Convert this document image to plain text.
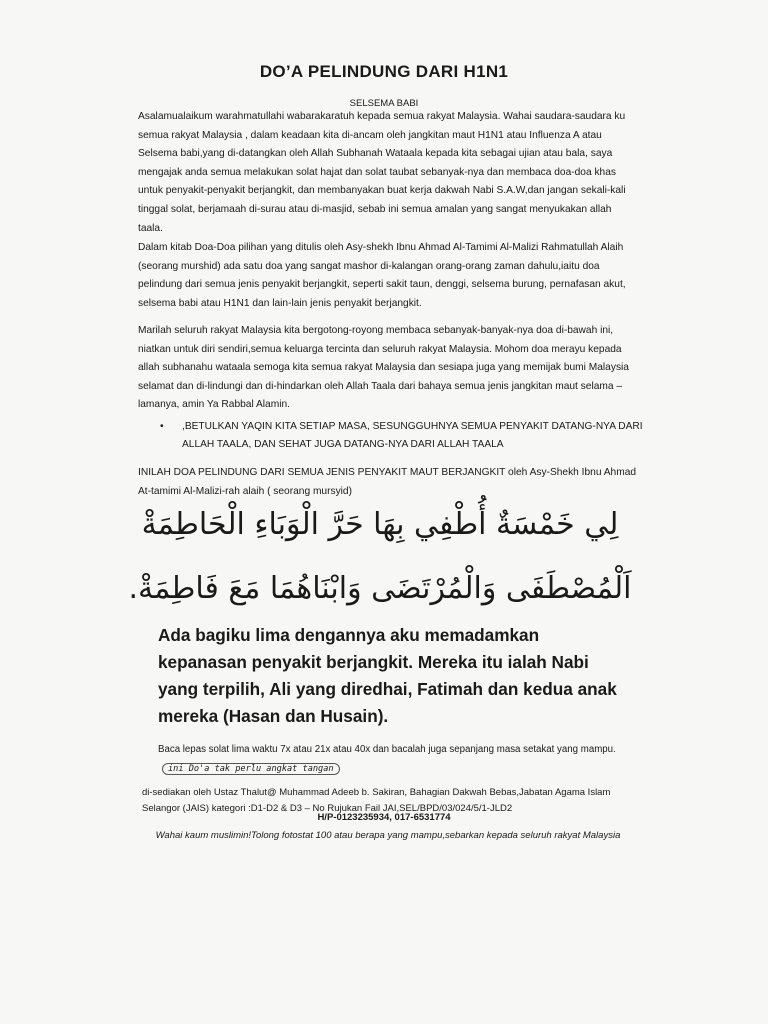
DO’A PELINDUNG DARI H1N1
SELSEMA BABI
Asalamualaikum warahmatullahi wabarakaratuh kepada semua rakyat Malaysia. Wahai saudara-saudara ku semua rakyat Malaysia , dalam keadaan kita di-ancam oleh jangkitan maut H1N1 atau Influenza A atau Selsema babi,yang di-datangkan oleh Allah Subhanah Wataala kepada kita sebagai ujian atau bala, saya mengajak anda semua melakukan solat hajat dan solat taubat sebanyak-nya dan membaca doa-doa khas untuk penyakit-penyakit berjangkit, dan membanyakan buat kerja dakwah Nabi S.A.W,dan jangan sekali-kali tinggal solat, berjamaah di-surau atau di-masjid, sebab ini semua amalan yang sangat menyukakan allah taala.
Dalam kitab Doa-Doa pilihan yang ditulis oleh Asy-shekh Ibnu Ahmad Al-Tamimi Al-Malizi Rahmatullah Alaih (seorang murshid) ada satu doa yang sangat mashor di-kalangan orang-orang zaman dahulu,iaitu doa pelindung dari semua jenis penyakit berjangkit, seperti sakit taun, denggi, selsema burung, pernafasan akut, selsema babi atau H1N1 dan lain-lain jenis penyakit berjangkit.
Marilah seluruh rakyat Malaysia kita bergotong-royong membaca sebanyak-banyak-nya doa di-bawah ini, niatkan untuk diri sendiri,semua keluarga tercinta dan seluruh rakyat Malaysia. Mohom doa merayu kepada allah subhanahu wataala semoga kita semua rakyat Malaysia dan sesiapa juga yang memijak bumi Malaysia selamat dan di-lindungi dan di-hindarkan oleh Allah Taala dari bahaya semua jenis jangkitan maut selama –lamanya, amin Ya Rabbal Alamin.
• ,BETULKAN YAQIN KITA SETIAP MASA, SESUNGGUHNYA SEMUA PENYAKIT DATANG-NYA DARI ALLAH TAALA, DAN SEHAT JUGA DATANG-NYA DARI ALLAH TAALA
INILAH DOA PELINDUNG DARI SEMUA JENIS PENYAKIT MAUT BERJANGKIT oleh Asy-Shekh Ibnu Ahmad At-tamimi Al-Malizi-rah alaih ( seorang mursyid)
لِي خَمْسَةٌ أُطْفِي بِهَا حَرَّ الْوَبَاءِ الْحَاطِمَةْ
اَلْمُصْطَفَى وَالْمُرْتَضَى وَابْنَاهُمَا مَعَ فَاطِمَةْ.
Ada bagiku lima dengannya aku memadamkan kepanasan penyakit berjangkit. Mereka itu ialah Nabi yang terpilih, Ali yang diredhai, Fatimah dan kedua anak mereka (Hasan dan Husain).
Baca lepas solat lima waktu 7x atau 21x atau 40x dan bacalah juga sepanjang masa setakat yang mampu. ini Do'a tak perlu angkat tangan
di-sediakan oleh Ustaz Thalut@ Muhammad Adeeb b. Sakiran, Bahagian Dakwah Bebas,Jabatan Agama Islam Selangor (JAIS) kategori :D1-D2 & D3 – No Rujukan Fail JAI,SEL/BPD/03/024/5/1-JLD2
H/P-0123235934, 017-6531774
Wahai kaum muslimin!Tolong fotostat 100 atau berapa yang mampu,sebarkan kepada seluruh rakyat Malaysia
